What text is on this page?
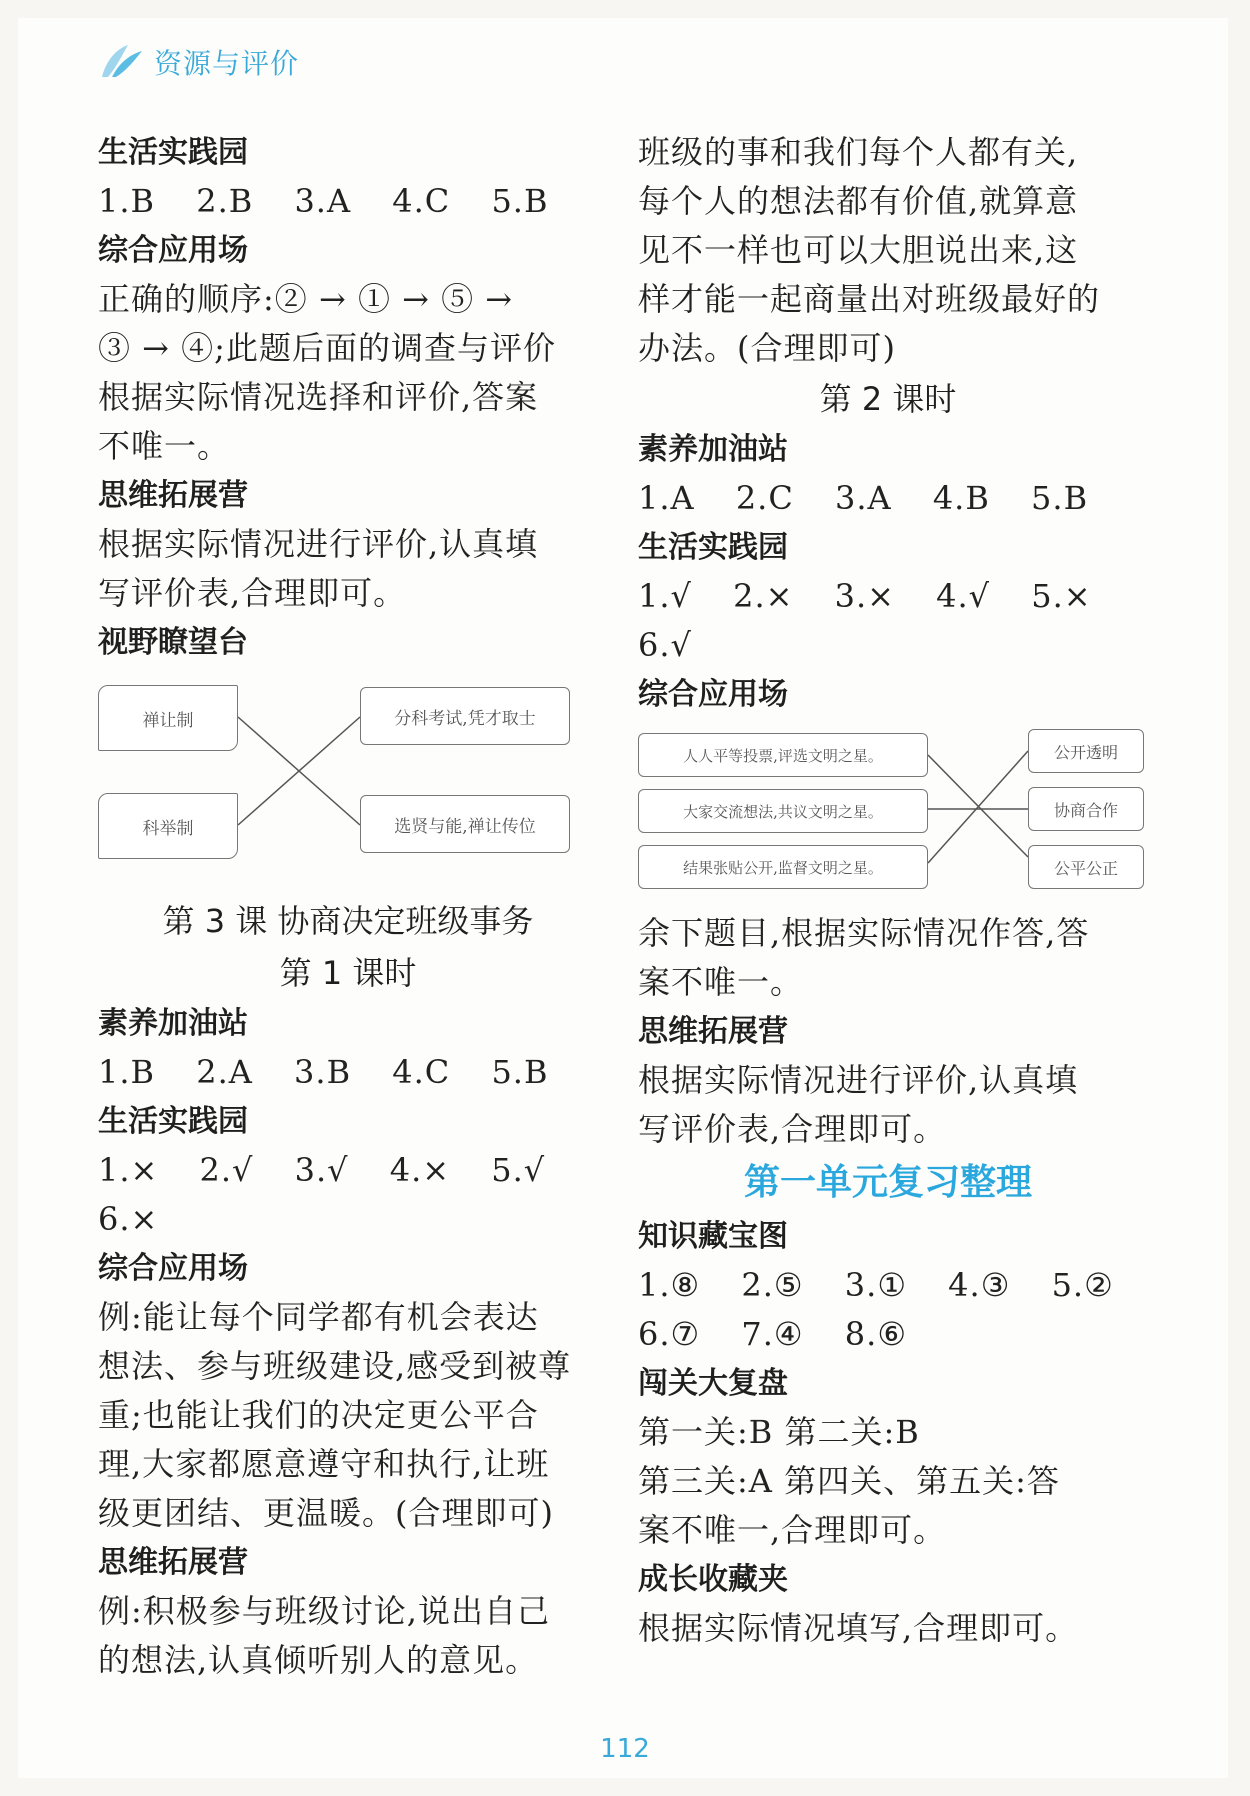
资源与评价
生活实践园
1.B 2.B 3.A 4.C 5.B
综合应用场
正确的顺序:② → ① → ⑤ →
③ → ④;此题后面的调查与评价
根据实际情况选择和评价,答案
不唯一。
思维拓展营
根据实际情况进行评价,认真填
写评价表,合理即可。
视野瞭望台
禅让制
科举制
分科考试,凭才取士
选贤与能,禅让传位
第 3 课 协商决定班级事务
第 1 课时
素养加油站
1.B 2.A 3.B 4.C 5.B
生活实践园
1.× 2.√ 3.√ 4.× 5.√
6.×
综合应用场
例:能让每个同学都有机会表达
想法、参与班级建设,感受到被尊
重;也能让我们的决定更公平合
理,大家都愿意遵守和执行,让班
级更团结、更温暖。(合理即可)
思维拓展营
例:积极参与班级讨论,说出自己
的想法,认真倾听别人的意见。
班级的事和我们每个人都有关,
每个人的想法都有价值,就算意
见不一样也可以大胆说出来,这
样才能一起商量出对班级最好的
办法。(合理即可)
第 2 课时
素养加油站
1.A 2.C 3.A 4.B 5.B
生活实践园
1.√ 2.× 3.× 4.√ 5.×
6.√
综合应用场
人人平等投票,评选文明之星。
大家交流想法,共议文明之星。
结果张贴公开,监督文明之星。
公开透明
协商合作
公平公正
余下题目,根据实际情况作答,答
案不唯一。
思维拓展营
根据实际情况进行评价,认真填
写评价表,合理即可。
第一单元复习整理
知识藏宝图
1.⑧ 2.⑤ 3.① 4.③ 5.②
6.⑦ 7.④ 8.⑥
闯关大复盘
第一关:B 第二关:B
第三关:A 第四关、第五关:答
案不唯一,合理即可。
成长收藏夹
根据实际情况填写,合理即可。
112
